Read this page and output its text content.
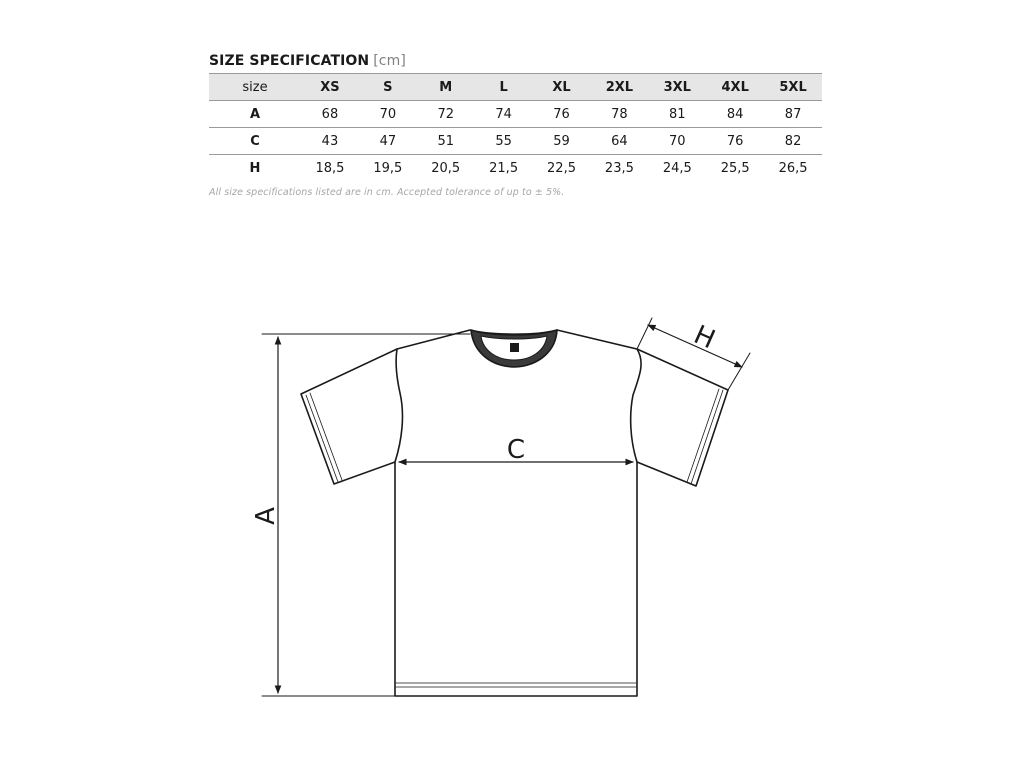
SIZE SPECIFICATION [cm]
size	XS	S	M	L	XL	2XL	3XL	4XL	5XL
A	68	70	72	74	76	78	81	84	87
C	43	47	51	55	59	64	70	76	82
H	18,5	19,5	20,5	21,5	22,5	23,5	24,5	25,5	26,5
All size specifications listed are in cm. Accepted tolerance of up to ± 5%.
A
C
H
